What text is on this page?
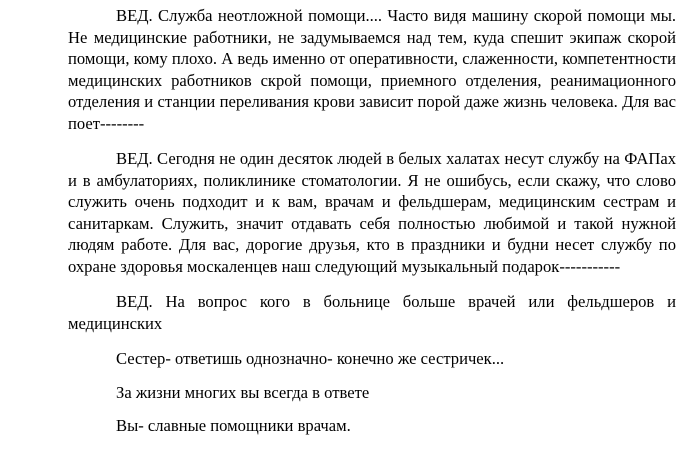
ВЕД. Служба неотложной помощи.... Часто видя машину скорой помощи мы. Не медицинские работники, не задумываемся над тем, куда спешит экипаж скорой помощи, кому плохо. А ведь именно от оперативности, слаженности, компетентности медицинских работников скрой помощи, приемного отделения, реанимационного отделения и станции переливания крови зависит порой даже жизнь человека. Для вас поет--------

ВЕД. Сегодня не один десяток людей в белых халатах несут службу на ФАПах и в амбулаториях, поликлинике стоматологии. Я не ошибусь, если скажу, что слово служить очень подходит и к вам, врачам и фельдшерам, медицинским сестрам и санитаркам. Служить, значит отдавать себя полностью любимой и такой нужной людям работе. Для вас, дорогие друзья, кто в праздники и будни несет службу по охране здоровья москаленцев наш следующий музыкальный подарок-----------

ВЕД. На вопрос кого в больнице больше врачей или фельдшеров и медицинских

Сестер- ответишь однозначно- конечно же сестричек...
За жизни многих вы всегда в ответе
Вы- славные помощники врачам.
